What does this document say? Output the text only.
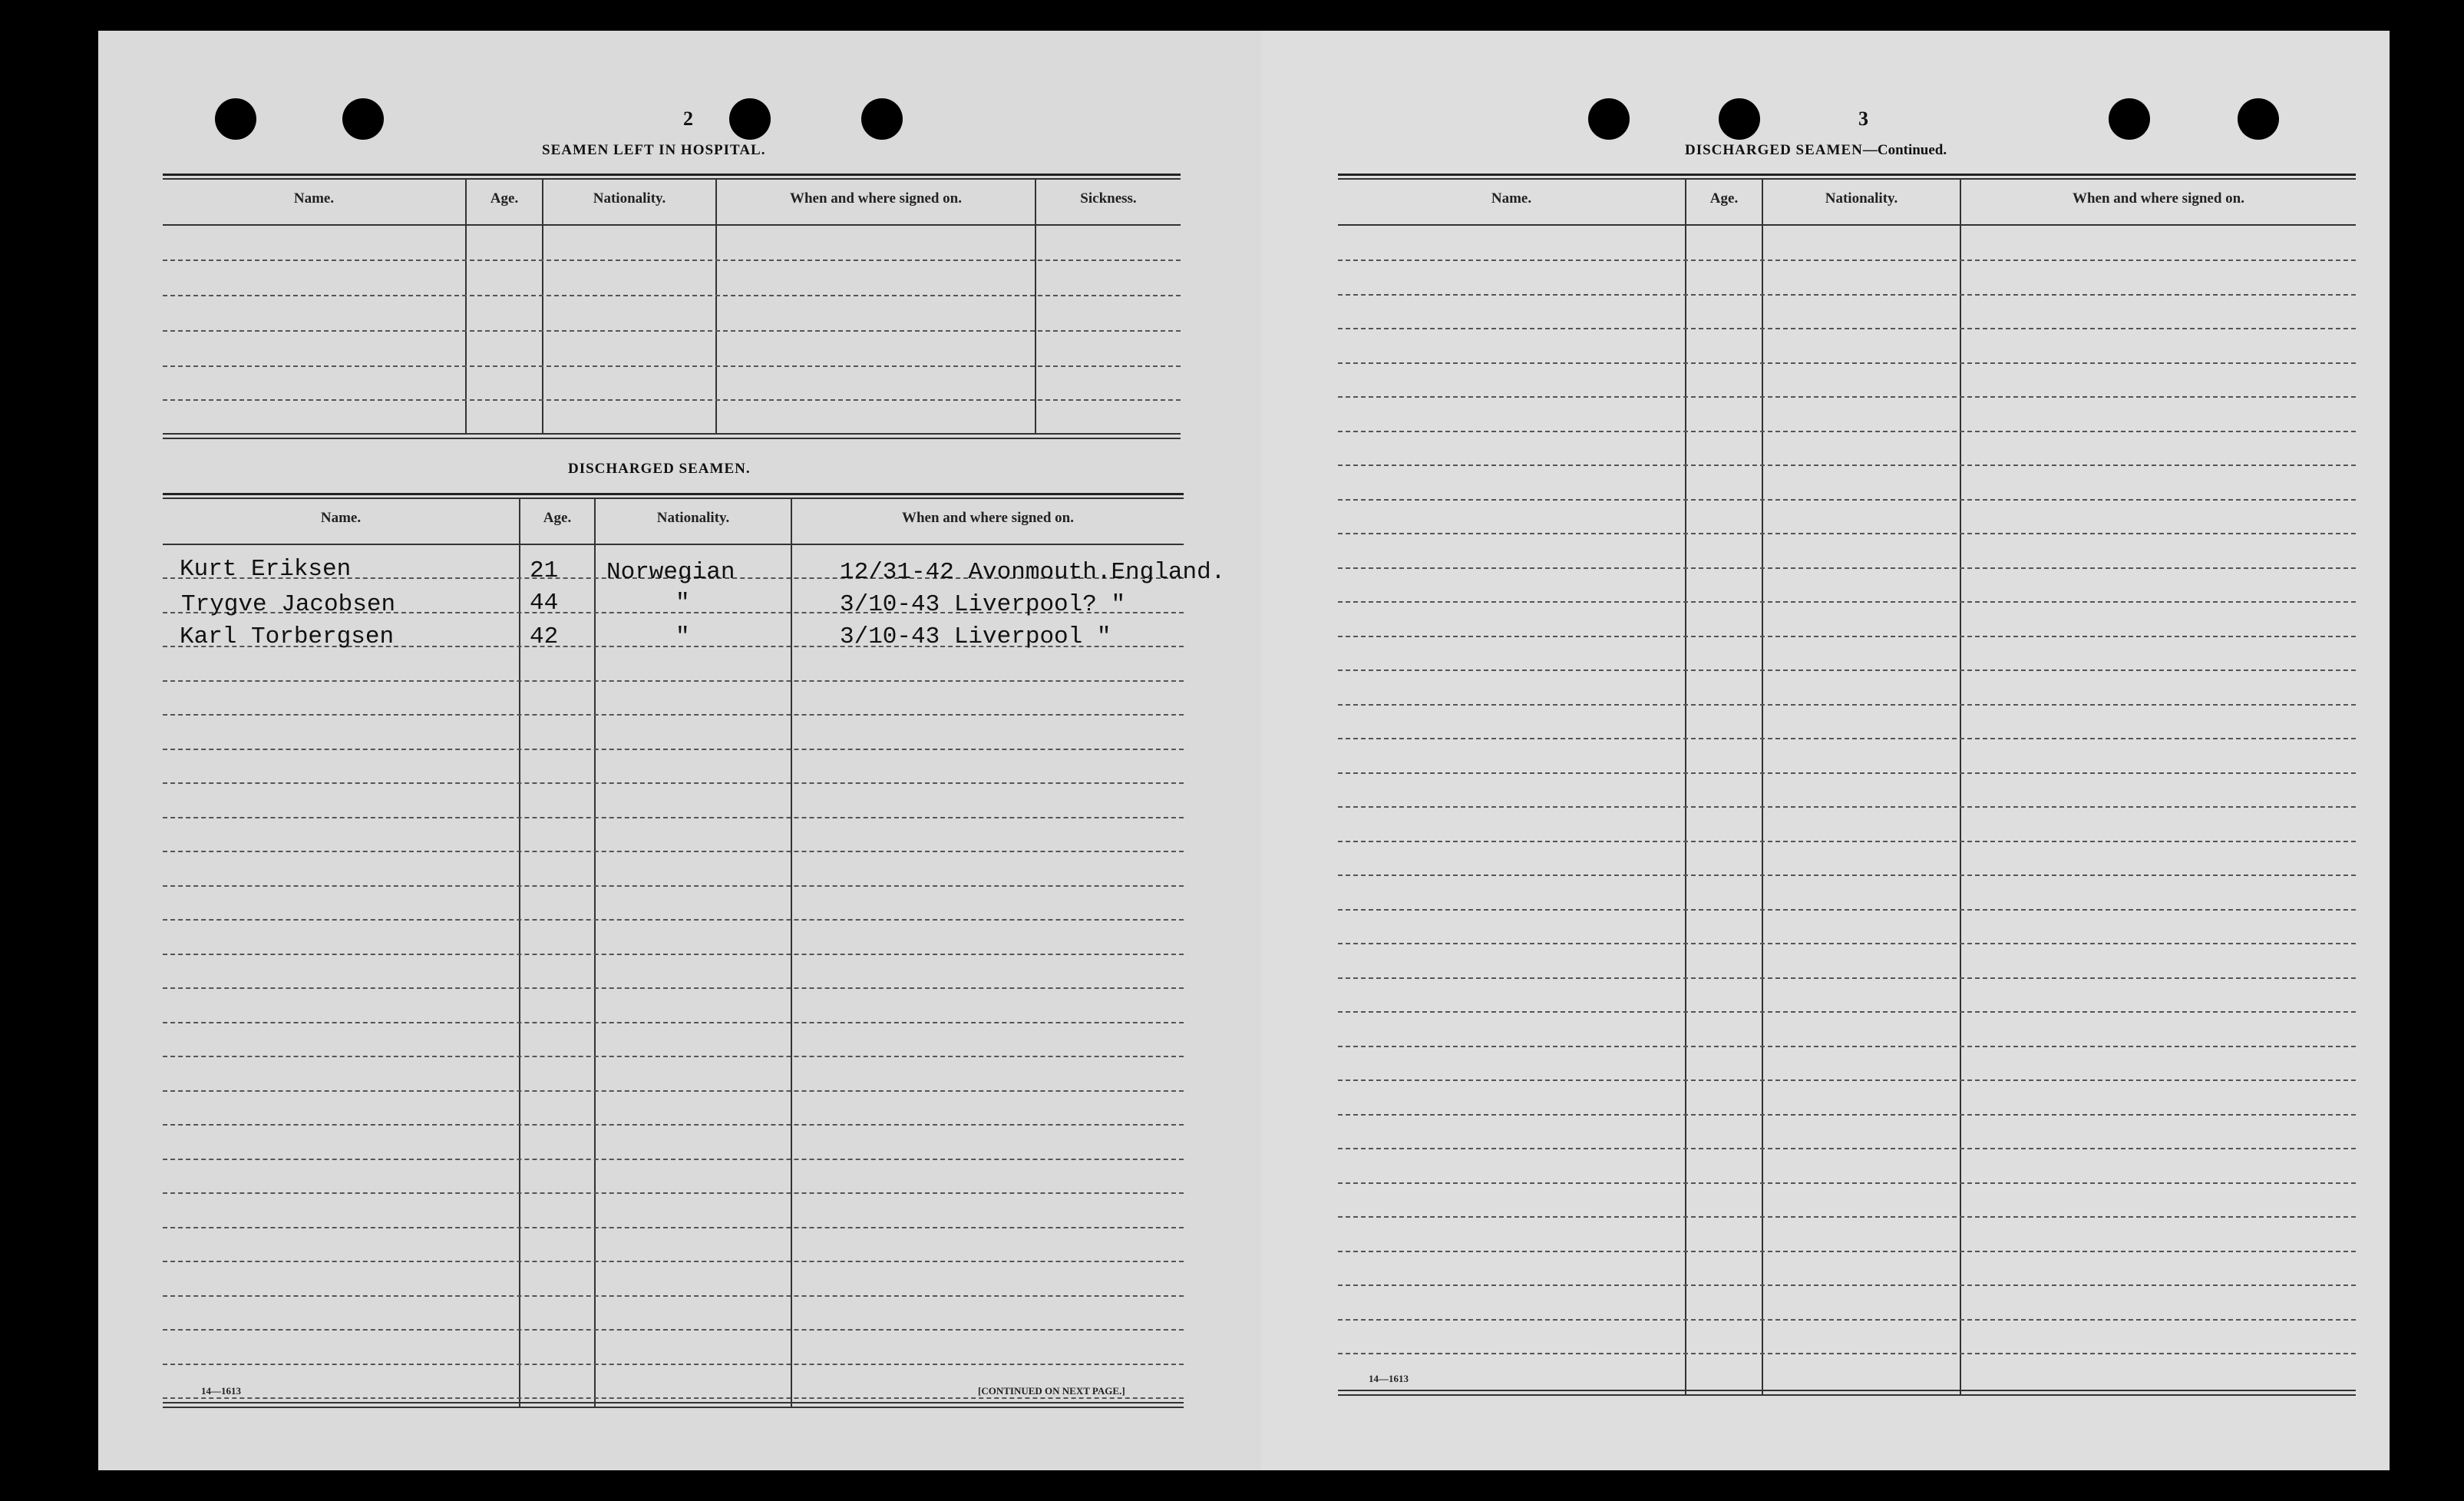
2
SEAMEN LEFT IN HOSPITAL.
Name.	Age.	Nationality.	When and where signed on.	Sickness.
DISCHARGED SEAMEN.
Name.	Age.	Nationality.	When and where signed on.
Kurt Eriksen	21 Norwegian	12/31-42 Avonmouth.England.
Trygve Jacobsen	44	"	3/10-43 Liverpool? "
Karl Torbergsen	42	"	3/10-43 Liverpool "
14—1613	[CONTINUED ON NEXT PAGE.]
3
DISCHARGED SEAMEN—Continued.
Name.	Age.	Nationality.	When and where signed on.
14—1613
